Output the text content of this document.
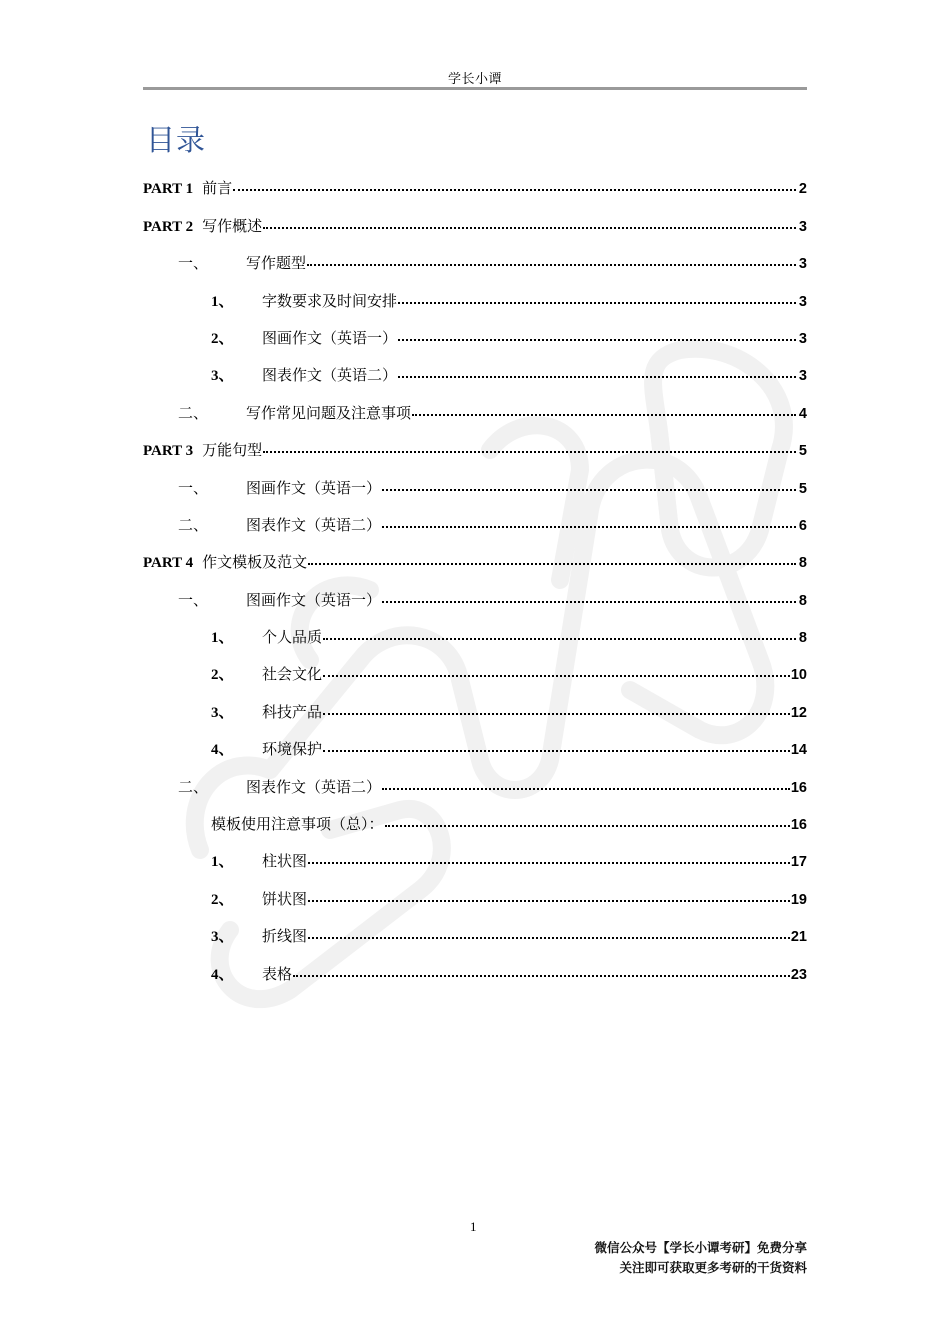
学长小谭
目录
PART 1 前言	2
PART 2 写作概述	3
一、	写作题型	3
1、	字数要求及时间安排	3
2、	图画作文（英语一）	3
3、	图表作文（英语二）	3
二、	写作常见问题及注意事项	4
PART 3 万能句型	5
一、	图画作文（英语一）	5
二、	图表作文（英语二）	6
PART 4 作文模板及范文	8
一、	图画作文（英语一）	8
1、	个人品质	8
2、	社会文化	10
3、	科技产品	12
4、	环境保护	14
二、	图表作文（英语二）	16
模板使用注意事项（总）：	16
1、	柱状图	17
2、	饼状图	19
3、	折线图	21
4、	表格	23
1
微信公众号【学长小谭考研】免费分享
关注即可获取更多考研的干货资料
